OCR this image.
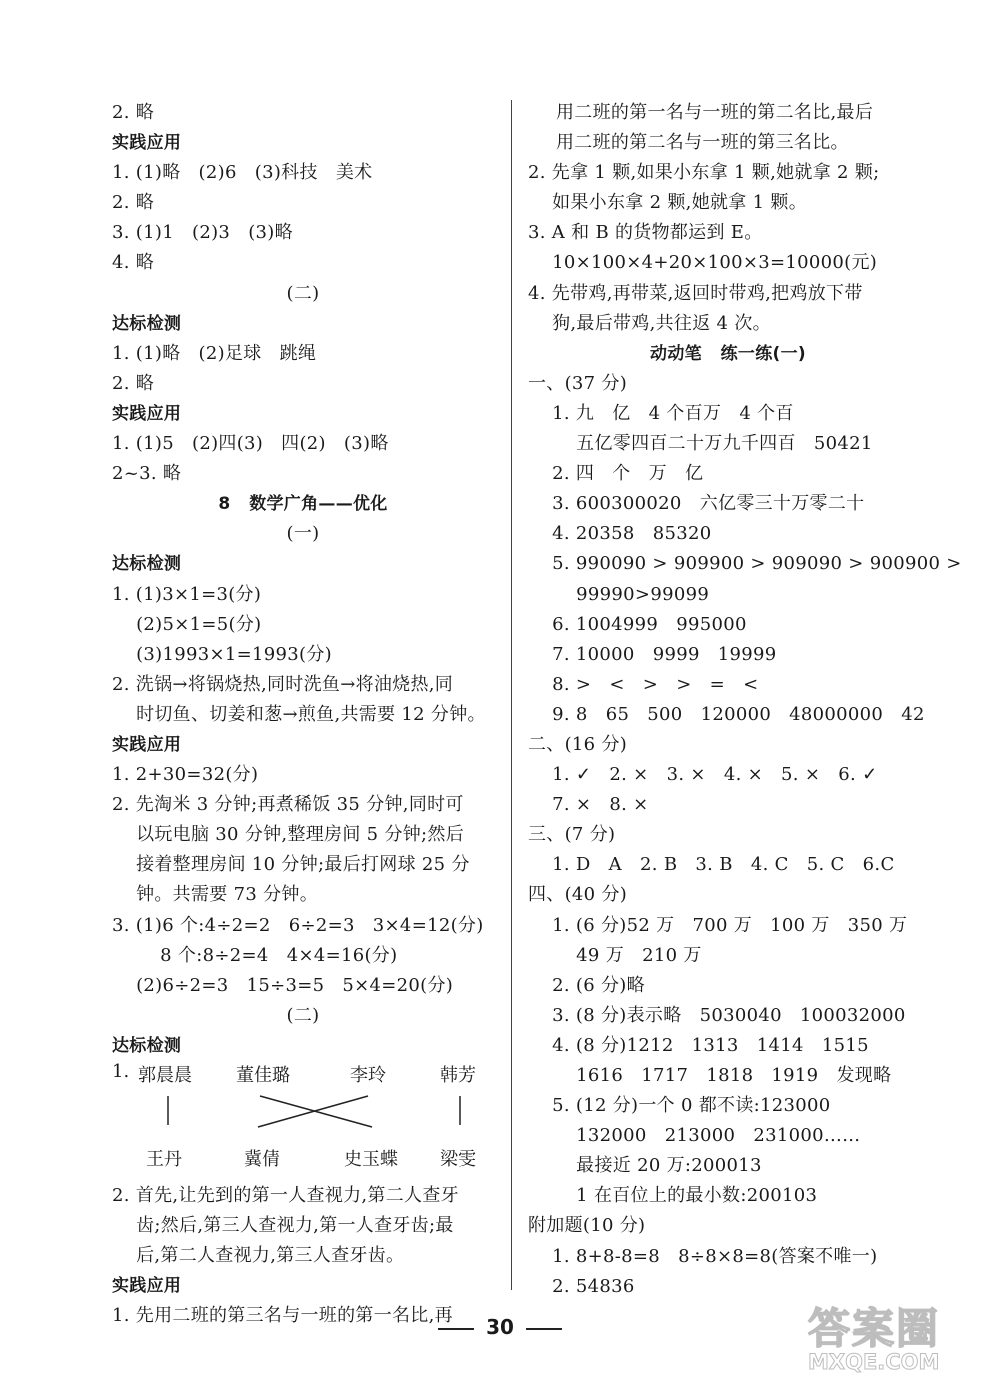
2. 略
实践应用
1. (1)略   (2)6   (3)科技   美术
2. 略
3. (1)1   (2)3   (3)略
4. 略
(二)
达标检测
1. (1)略   (2)足球   跳绳
2. 略
实践应用
1. (1)5   (2)四(3)   四(2)   (3)略
2~3. 略
8   数学广角——优化
(一)
达标检测
1. (1)3×1=3(分)
(2)5×1=5(分)
(3)1993×1=1993(分)
2. 洗锅→将锅烧热,同时洗鱼→将油烧热,同
时切鱼、切姜和葱→煎鱼,共需要 12 分钟。
实践应用
1. 2+30=32(分)
2. 先淘米 3 分钟;再煮稀饭 35 分钟,同时可
以玩电脑 30 分钟,整理房间 5 分钟;然后
接着整理房间 10 分钟;最后打网球 25 分
钟。共需要 73 分钟。
3. (1)6 个:4÷2=2   6÷2=3   3×4=12(分)
8 个:8÷2=4   4×4=16(分)
(2)6÷2=3   15÷3=5   5×4=20(分)
(二)
达标检测
1. 郭晨晨 董佳璐	李玲	韩芳
王丹	冀倩	史玉蝶 梁雯
2. 首先,让先到的第一人查视力,第二人查牙
齿;然后,第三人查视力,第一人查牙齿;最
后,第二人查视力,第三人查牙齿。
实践应用
1. 先用二班的第三名与一班的第一名比,再
用二班的第一名与一班的第二名比,最后
用二班的第二名与一班的第三名比。
2. 先拿 1 颗,如果小东拿 1 颗,她就拿 2 颗;
如果小东拿 2 颗,她就拿 1 颗。
3. A 和 B 的货物都运到 E。
10×100×4+20×100×3=10000(元)
4. 先带鸡,再带菜,返回时带鸡,把鸡放下带
狗,最后带鸡,共往返 4 次。
动动笔   练一练(一)
一、(37 分)
1. 九   亿   4 个百万   4 个百
五亿零四百二十万九千四百   50421
2. 四   个   万   亿
3. 600300020   六亿零三十万零二十
4. 20358   85320
5. 990090 > 909900 > 909090 > 900900 >
99990>99099
6. 1004999   995000
7. 10000   9999   19999
8. >   <   >   >   =   <
9. 8   65   500   120000   48000000   42
二、(16 分)
1. ✓   2. ×   3. ×   4. ×   5. ×   6. ✓
7. ×   8. ×
三、(7 分)
1. D   A   2. B   3. B   4. C   5. C   6.C
四、(40 分)
1. (6 分)52 万   700 万   100 万   350 万
49 万   210 万
2. (6 分)略
3. (8 分)表示略   5030040   100032000
4. (8 分)1212   1313   1414   1515
1616   1717   1818   1919   发现略
5. (12 分)一个 0 都不读:123000
132000   213000   231000……
最接近 20 万:200013
1 在百位上的最小数:200103
附加题(10 分)
1. 8+8-8=8   8÷8×8=8(答案不唯一)
2. 54836
30	答案圈
MXQE.COM
